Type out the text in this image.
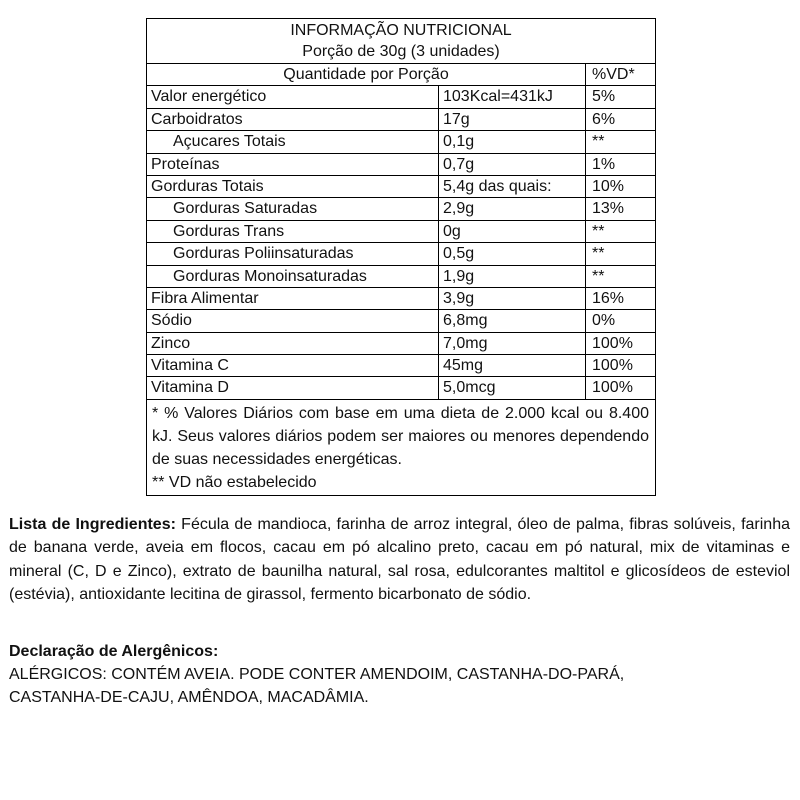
INFORMAÇÃO NUTRICIONAL
Porção de 30g (3 unidades)
Quantidade por Porção	%VD*
Valor energético	103Kcal=431kJ	5%
Carboidratos	17g	6%
Açucares Totais	0,1g	**
Proteínas	0,7g	1%
Gorduras Totais	5,4g das quais:	10%
Gorduras Saturadas	2,9g	13%
Gorduras Trans	0g	**
Gorduras Poliinsaturadas	0,5g	**
Gorduras Monoinsaturadas	1,9g	**
Fibra Alimentar	3,9g	16%
Sódio	6,8mg	0%
Zinco	7,0mg	100%
Vitamina C	45mg	100%
Vitamina D	5,0mcg	100%

* % Valores Diários com base em uma dieta de 2.000 kcal ou 8.400 kJ. Seus valores diários podem ser maiores ou menores dependendo de suas necessidades energéticas.

** VD não estabelecido

Lista de Ingredientes: Fécula de mandioca, farinha de arroz integral, óleo de palma, fibras solúveis, farinha de banana verde, aveia em flocos, cacau em pó alcalino preto, cacau em pó natural, mix de vitaminas e mineral (C, D e Zinco), extrato de baunilha natural, sal rosa, edulcorantes maltitol e glicosídeos de esteviol (estévia), antioxidante lecitina de girassol, fermento bicarbonato de sódio.
Declaração de Alergênicos:
ALÉRGICOS: CONTÉM AVEIA. PODE CONTER AMENDOIM, CASTANHA-DO-PARÁ,
CASTANHA-DE-CAJU, AMÊNDOA, MACADÂMIA.
